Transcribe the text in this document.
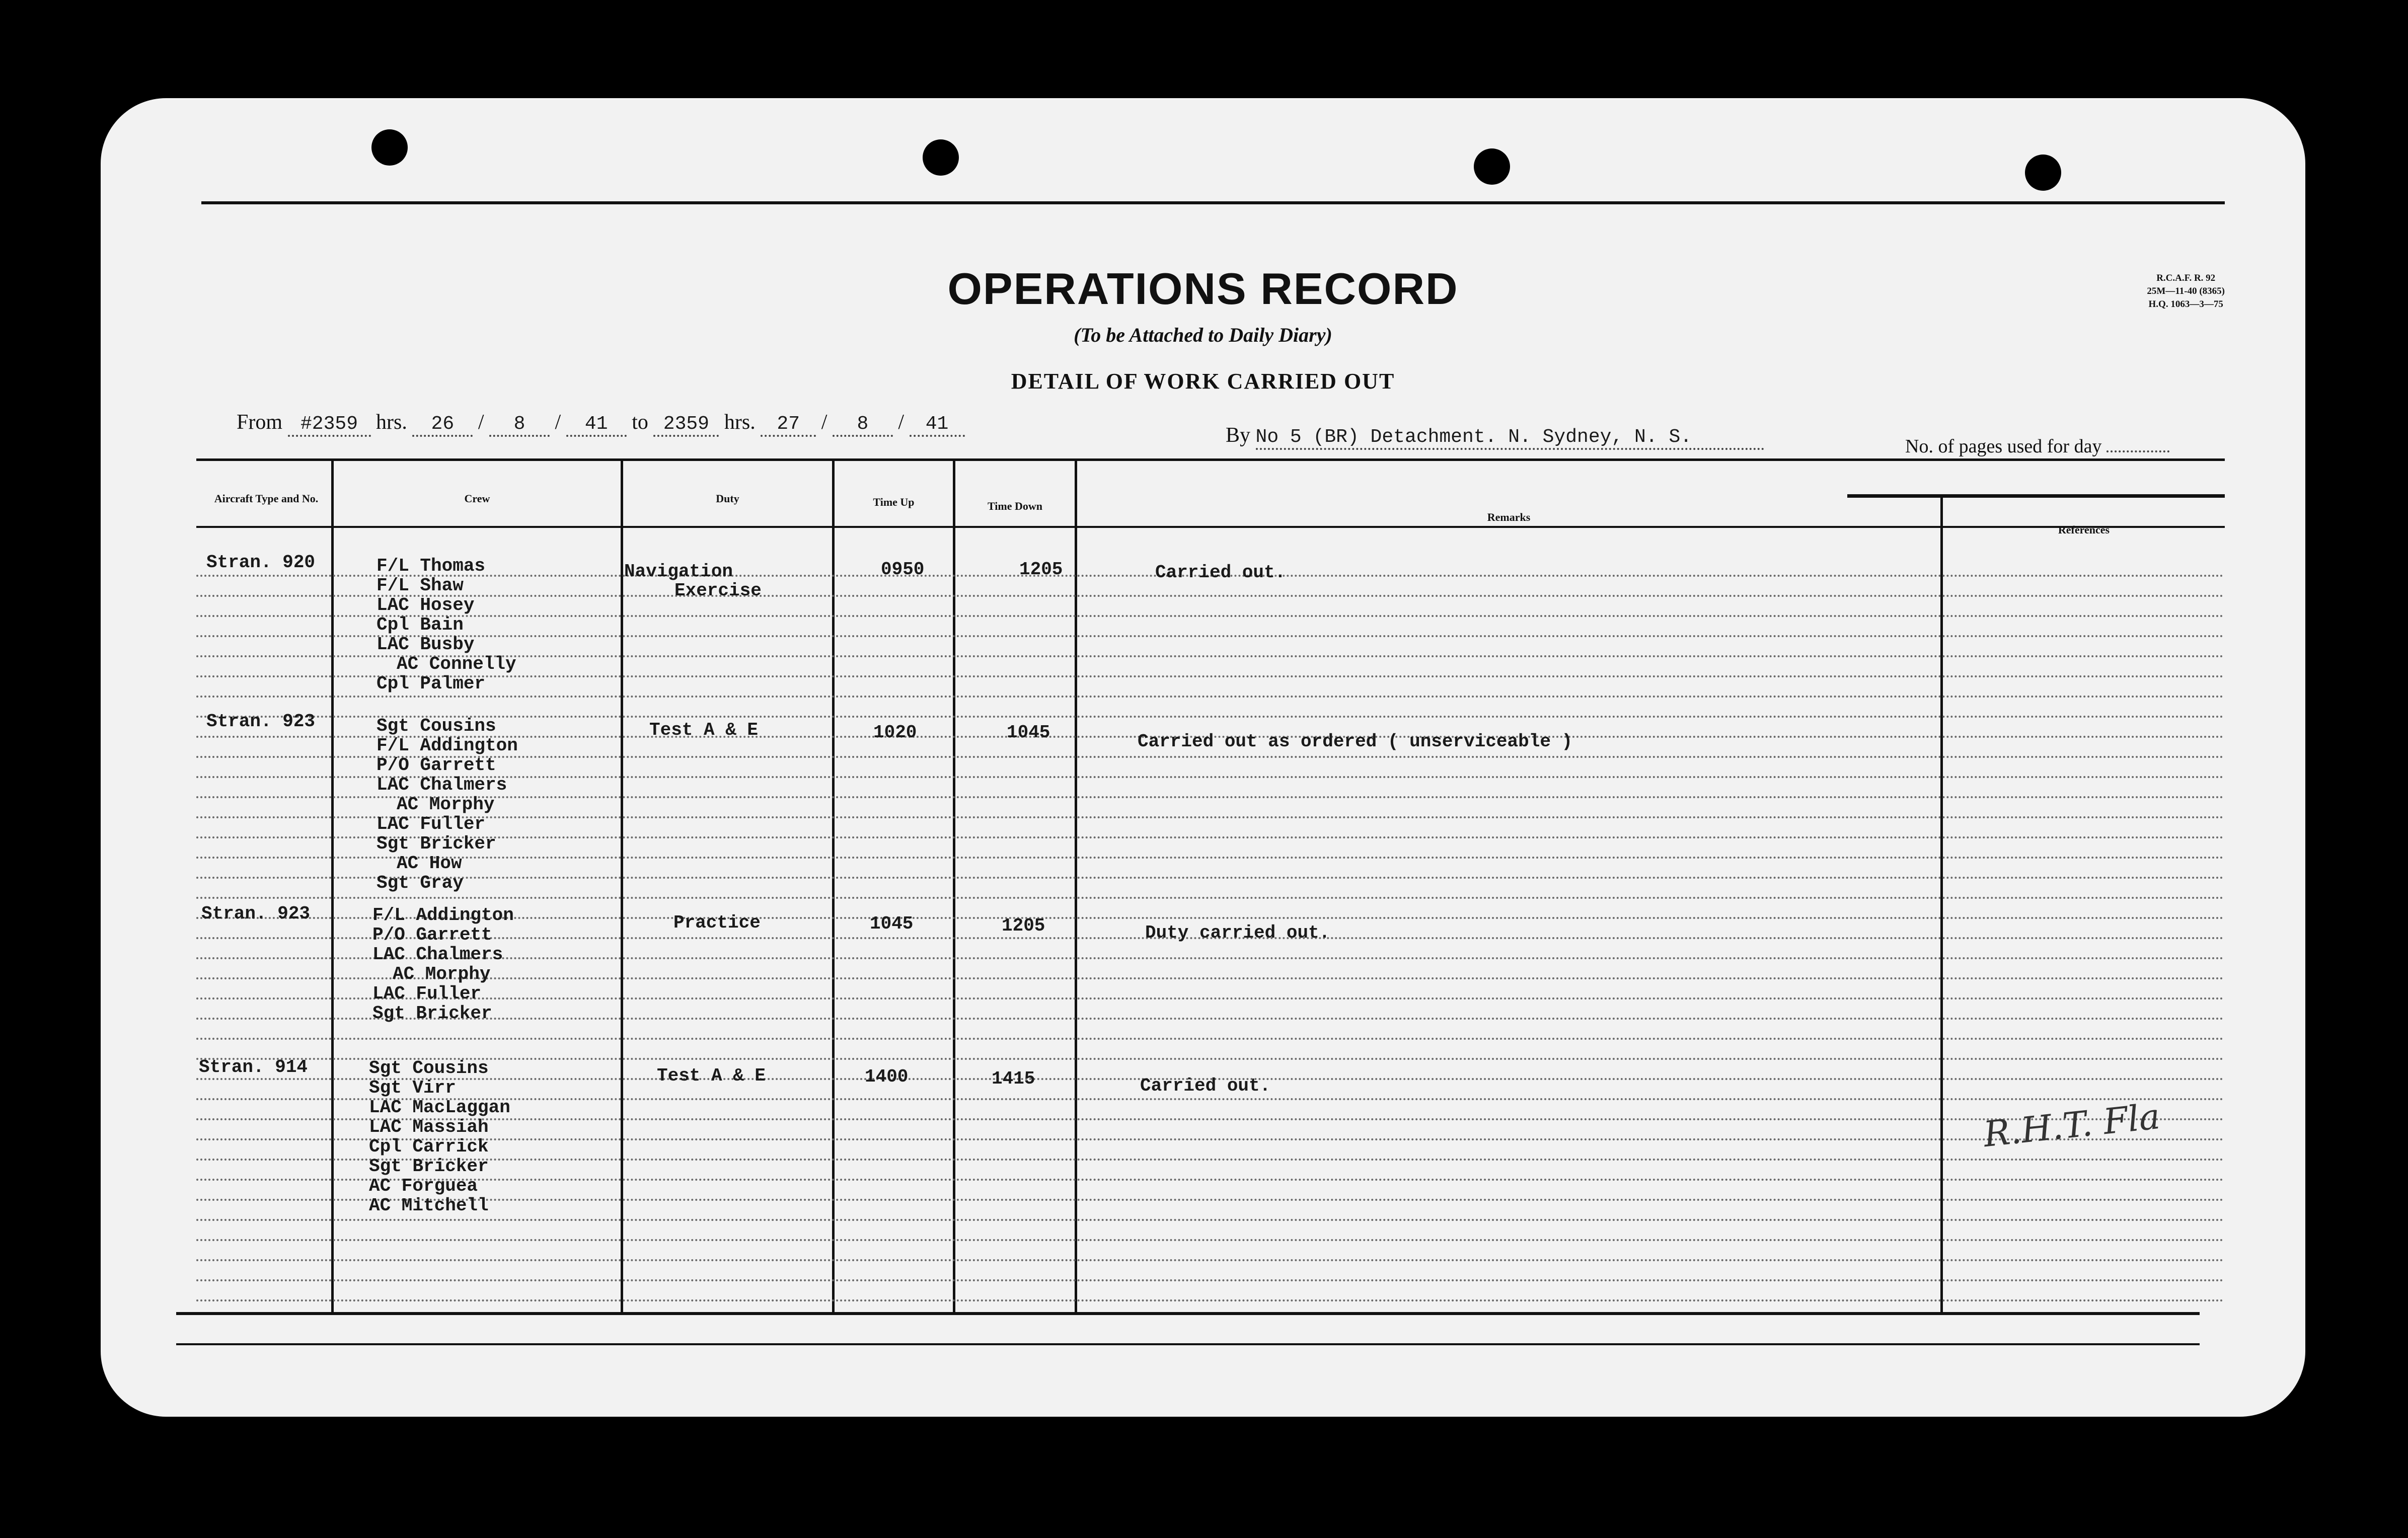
OPERATIONS RECORD
(To be Attached to Daily Diary)
DETAIL OF WORK CARRIED OUT
R.C.A.F. R. 92
25M—11-40 (8365)
H.Q. 1063—3—75
From #2359 hrs. 26 / 8 / 41 to 2359 hrs. 27 / 8 / 41	By No 5 (BR) Detachment. N. Sydney, N. S.	No. of pages used for day
Aircraft Type and No.	Crew	Duty	Time Up	Time Down
Remarks
References
Stran. 920	F/L Thomas
F/L Shaw
LAC Hosey
Cpl Bain
LAC Busby
AC Connelly
Cpl Palmer
Navigation
Exercise
0950	1205	Carried out.
Stran. 923	Sgt Cousins
F/L Addington
P/O Garrett
LAC Chalmers
AC Morphy
LAC Fuller
Sgt Bricker
AC How
Sgt Gray
Test A & E	1020	1045	Carried out as ordered ( unserviceable )
Stran. 923	F/L Addington
P/O Garrett
LAC Chalmers
AC Morphy
LAC Fuller
Sgt Bricker
Practice	1045	1205	Duty carried out.
Stran. 914	Sgt Cousins
Sgt Virr
LAC MacLaggan
LAC Massiah
Cpl Carrick
Sgt Bricker
AC Forguea
AC Mitchell
Test A & E	1400	1415	Carried out.
R.H.T. Fla
